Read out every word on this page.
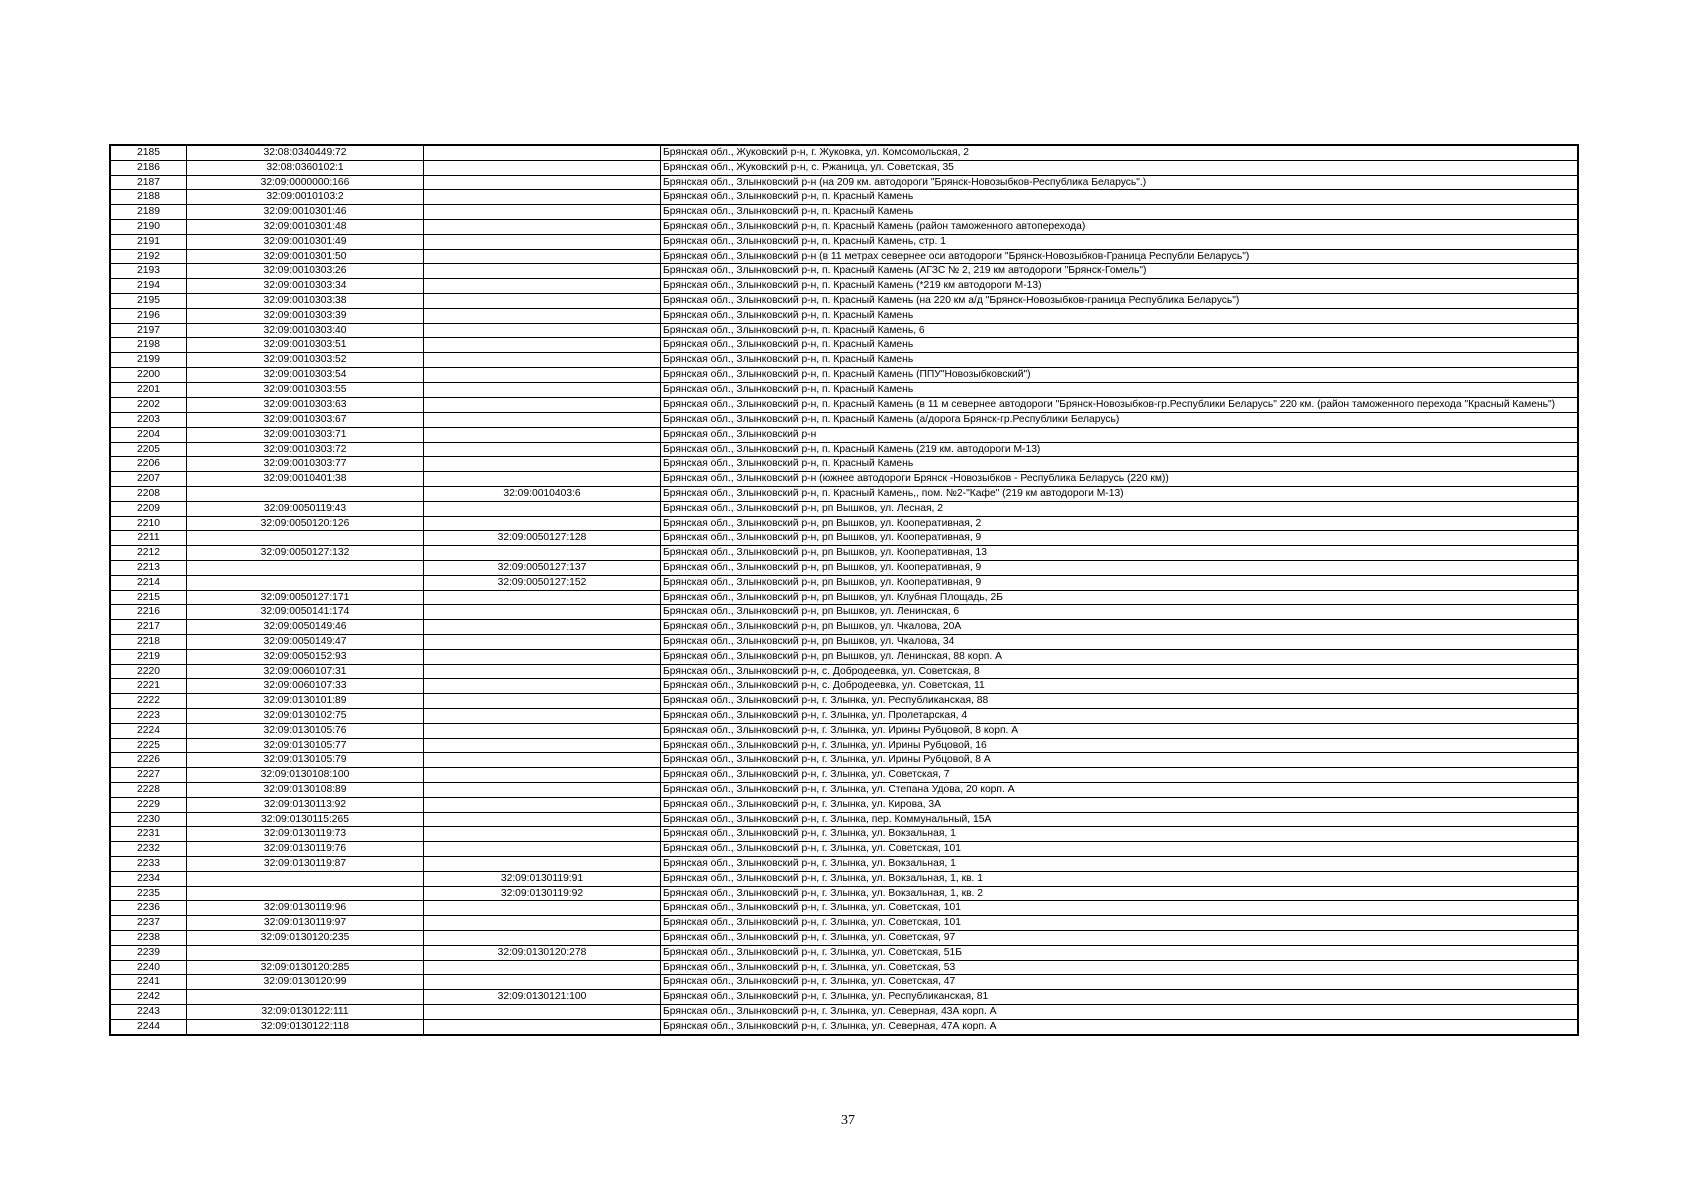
2185	32:08:0340449:72		Брянская обл., Жуковский р-н, г. Жуковка, ул. Комсомольская, 2
2186	32:08:0360102:1		Брянская обл., Жуковский р-н, с. Ржаница, ул. Советская, 35
2187	32:09:0000000:166		Брянская обл., Злынковский р-н (на 209 км. автодороги "Брянск-Новозыбков-Республика Беларусь".)
2188	32:09:0010103:2		Брянская обл., Злынковский р-н, п. Красный Камень
2189	32:09:0010301:46		Брянская обл., Злынковский р-н, п. Красный Камень
2190	32:09:0010301:48		Брянская обл., Злынковский р-н, п. Красный Камень (район таможенного автоперехода)
2191	32:09:0010301:49		Брянская обл., Злынковский р-н, п. Красный Камень, стр. 1
2192	32:09:0010301:50		Брянская обл., Злынковский р-н (в 11 метрах севернее оси автодороги "Брянск-Новозыбков-Граница Республи Беларусь")
2193	32:09:0010303:26		Брянская обл., Злынковский р-н, п. Красный Камень (АГЗС № 2, 219 км автодороги "Брянск-Гомель")
2194	32:09:0010303:34		Брянская обл., Злынковский р-н, п. Красный Камень (*219 км автодороги М-13)
2195	32:09:0010303:38		Брянская обл., Злынковский р-н, п. Красный Камень (на 220 км а/д "Брянск-Новозыбков-граница Республика Беларусь")
2196	32:09:0010303:39		Брянская обл., Злынковский р-н, п. Красный Камень
2197	32:09:0010303:40		Брянская обл., Злынковский р-н, п. Красный Камень, 6
2198	32:09:0010303:51		Брянская обл., Злынковский р-н, п. Красный Камень
2199	32:09:0010303:52		Брянская обл., Злынковский р-н, п. Красный Камень
2200	32:09:0010303:54		Брянская обл., Злынковский р-н, п. Красный Камень (ППУ"Новозыбковский")
2201	32:09:0010303:55		Брянская обл., Злынковский р-н, п. Красный Камень
2202	32:09:0010303:63		Брянская обл., Злынковский р-н, п. Красный Камень (в 11 м севернее автодороги "Брянск-Новозыбков-гр.Республики Беларусь" 220 км. (район таможенного перехода "Красный Камень")
2203	32:09:0010303:67		Брянская обл., Злынковский р-н, п. Красный Камень (а/дорога Брянск-гр.Республики Беларусь)
2204	32:09:0010303:71		Брянская обл., Злынковский р-н
2205	32:09:0010303:72		Брянская обл., Злынковский р-н, п. Красный Камень (219 км. автодороги М-13)
2206	32:09:0010303:77		Брянская обл., Злынковский р-н, п. Красный Камень
2207	32:09:0010401:38		Брянская обл., Злынковский р-н (южнее автодороги Брянск -Новозыбков - Республика Беларусь (220 км))
2208		32:09:0010403:6	Брянская обл., Злынковский р-н, п. Красный Камень,, пом. №2-"Кафе" (219 км автодороги М-13)
2209	32:09:0050119:43		Брянская обл., Злынковский р-н, рп Вышков, ул. Лесная, 2
2210	32:09:0050120:126		Брянская обл., Злынковский р-н, рп Вышков, ул. Кооперативная, 2
2211		32:09:0050127:128	Брянская обл., Злынковский р-н, рп Вышков, ул. Кооперативная, 9
2212	32:09:0050127:132		Брянская обл., Злынковский р-н, рп Вышков, ул. Кооперативная, 13
2213		32:09:0050127:137	Брянская обл., Злынковский р-н, рп Вышков, ул. Кооперативная, 9
2214		32:09:0050127:152	Брянская обл., Злынковский р-н, рп Вышков, ул. Кооперативная, 9
2215	32:09:0050127:171		Брянская обл., Злынковский р-н, рп Вышков, ул. Клубная Площадь, 2Б
2216	32:09:0050141:174		Брянская обл., Злынковский р-н, рп Вышков, ул. Ленинская, 6
2217	32:09:0050149:46		Брянская обл., Злынковский р-н, рп Вышков, ул. Чкалова, 20А
2218	32:09:0050149:47		Брянская обл., Злынковский р-н, рп Вышков, ул. Чкалова, 34
2219	32:09:0050152:93		Брянская обл., Злынковский р-н, рп Вышков, ул. Ленинская, 88 корп. А
2220	32:09:0060107:31		Брянская обл., Злынковский р-н, с. Добродеевка, ул. Советская, 8
2221	32:09:0060107:33		Брянская обл., Злынковский р-н, с. Добродеевка, ул. Советская, 11
2222	32:09:0130101:89		Брянская обл., Злынковский р-н, г. Злынка, ул. Республиканская, 88
2223	32:09:0130102:75		Брянская обл., Злынковский р-н, г. Злынка, ул. Пролетарская, 4
2224	32:09:0130105:76		Брянская обл., Злынковский р-н, г. Злынка, ул. Ирины Рубцовой, 8 корп. А
2225	32:09:0130105:77		Брянская обл., Злынковский р-н, г. Злынка, ул. Ирины Рубцовой, 16
2226	32:09:0130105:79		Брянская обл., Злынковский р-н, г. Злынка, ул. Ирины Рубцовой, 8 А
2227	32:09:0130108:100		Брянская обл., Злынковский р-н, г. Злынка, ул. Советская, 7
2228	32:09:0130108:89		Брянская обл., Злынковский р-н, г. Злынка, ул. Степана Удова, 20 корп. А
2229	32:09:0130113:92		Брянская обл., Злынковский р-н, г. Злынка, ул. Кирова, 3А
2230	32:09:0130115:265		Брянская обл., Злынковский р-н, г. Злынка, пер. Коммунальный, 15А
2231	32:09:0130119:73		Брянская обл., Злынковский р-н, г. Злынка, ул. Вокзальная, 1
2232	32:09:0130119:76		Брянская обл., Злынковский р-н, г. Злынка, ул. Советская, 101
2233	32:09:0130119:87		Брянская обл., Злынковский р-н, г. Злынка, ул. Вокзальная, 1
2234		32:09:0130119:91	Брянская обл., Злынковский р-н, г. Злынка, ул. Вокзальная, 1, кв. 1
2235		32:09:0130119:92	Брянская обл., Злынковский р-н, г. Злынка, ул. Вокзальная, 1, кв. 2
2236	32:09:0130119:96		Брянская обл., Злынковский р-н, г. Злынка, ул. Советская, 101
2237	32:09:0130119:97		Брянская обл., Злынковский р-н, г. Злынка, ул. Советская, 101
2238	32:09:0130120:235		Брянская обл., Злынковский р-н, г. Злынка, ул. Советская, 97
2239		32:09:0130120:278	Брянская обл., Злынковский р-н, г. Злынка, ул. Советская, 51Б
2240	32:09:0130120:285		Брянская обл., Злынковский р-н, г. Злынка, ул. Советская, 53
2241	32:09:0130120:99		Брянская обл., Злынковский р-н, г. Злынка, ул. Советская, 47
2242		32:09:0130121:100	Брянская обл., Злынковский р-н, г. Злынка, ул. Республиканская, 81
2243	32:09:0130122:111		Брянская обл., Злынковский р-н, г. Злынка, ул. Северная, 43А корп. А
2244	32:09:0130122:118		Брянская обл., Злынковский р-н, г. Злынка, ул. Северная, 47А корп. А
37
